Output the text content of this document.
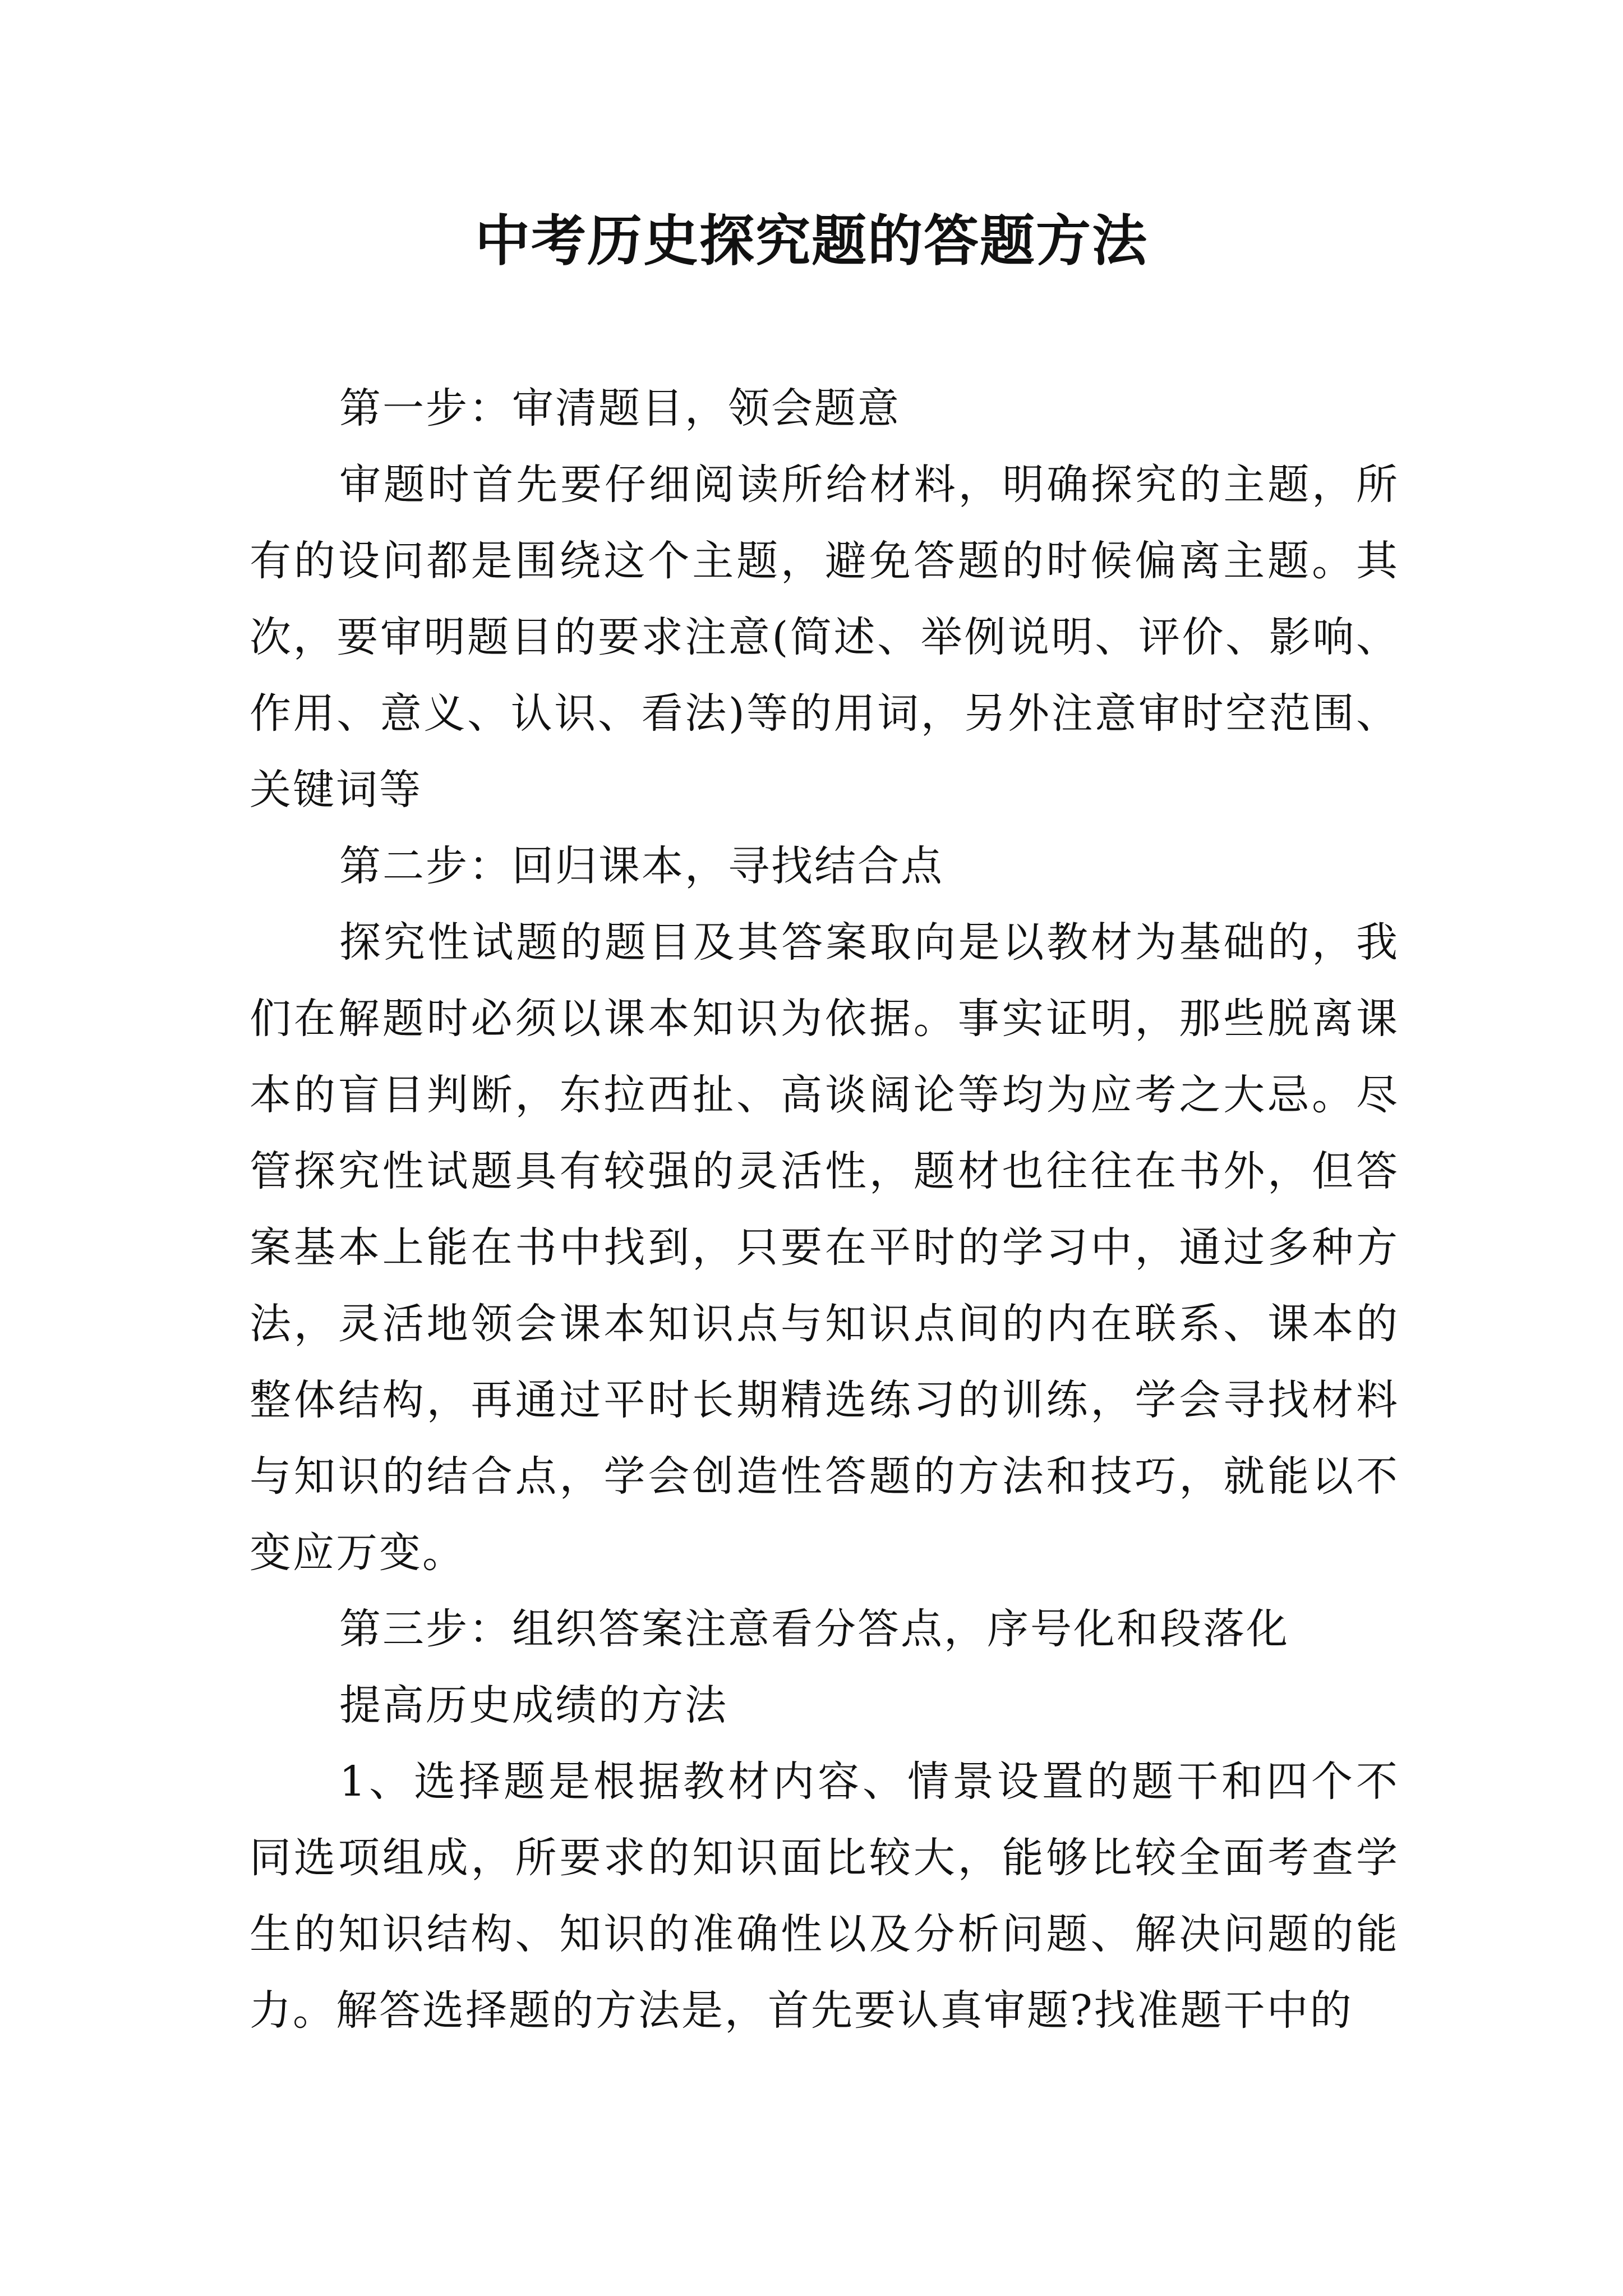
中考历史探究题的答题方法

第一步：审清题目，领会题意

审题时首先要仔细阅读所给材料，明确探究的主题，所有的设问都是围绕这个主题，避免答题的时候偏离主题。其次，要审明题目的要求注意(简述、举例说明、评价、影响、作用、意义、认识、看法)等的用词，另外注意审时空范围、关键词等

第二步：回归课本，寻找结合点

探究性试题的题目及其答案取向是以教材为基础的，我们在解题时必须以课本知识为依据。事实证明，那些脱离课本的盲目判断，东拉西扯、高谈阔论等均为应考之大忌。尽管探究性试题具有较强的灵活性，题材也往往在书外，但答案基本上能在书中找到，只要在平时的学习中，通过多种方法，灵活地领会课本知识点与知识点间的内在联系、课本的整体结构，再通过平时长期精选练习的训练，学会寻找材料与知识的结合点，学会创造性答题的方法和技巧，就能以不变应万变。

第三步：组织答案注意看分答点，序号化和段落化

提高历史成绩的方法

1、选择题是根据教材内容、情景设置的题干和四个不同选项组成，所要求的知识面比较大，能够比较全面考查学生的知识结构、知识的准确性以及分析问题、解决问题的能力。解答选择题的方法是，首先要认真审题?找准题干中的
